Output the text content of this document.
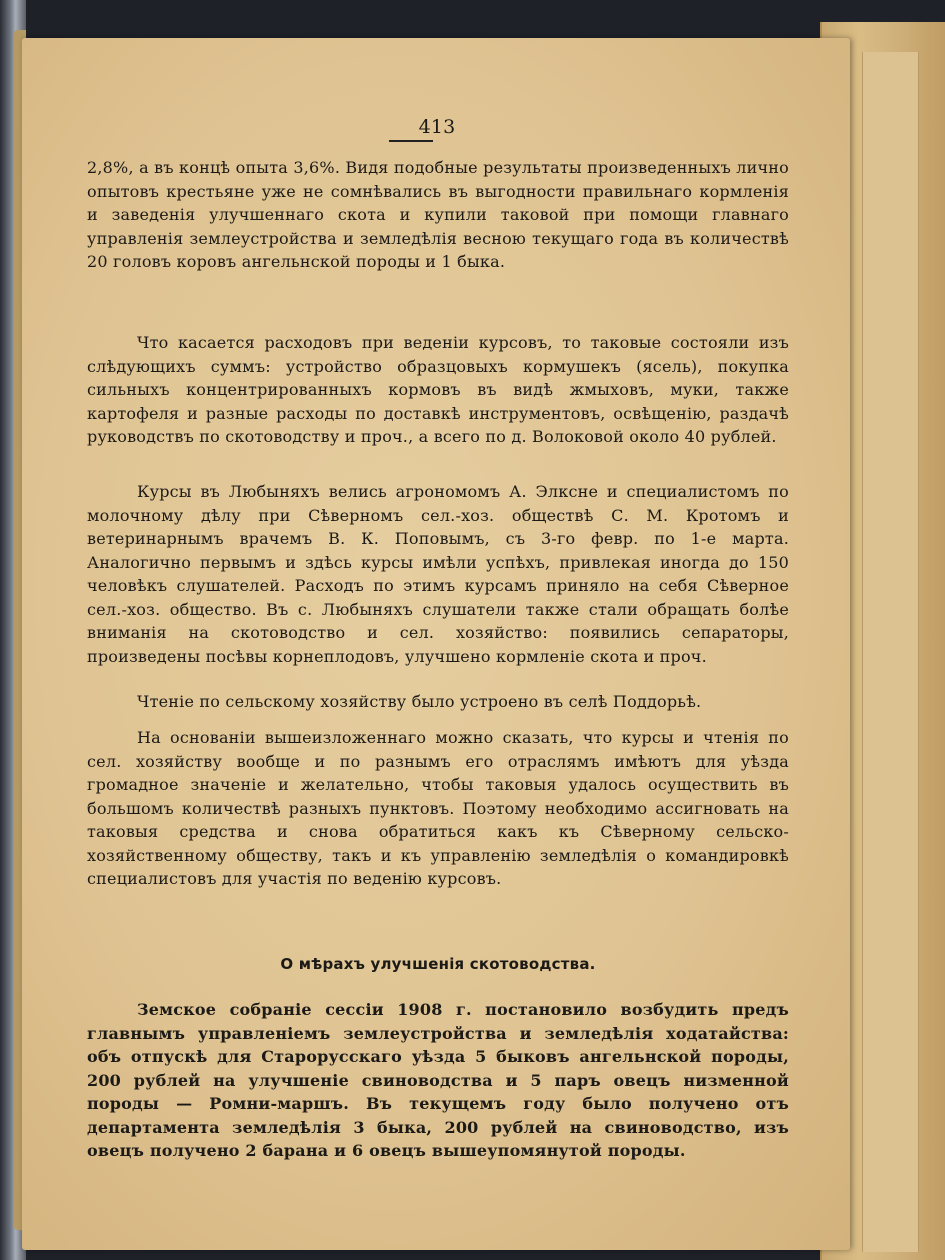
413

2,8%, а въ концѣ опыта 3,6%. Видя подобные результаты произведенныхъ лично опытовъ крестьяне уже не сомнѣвались въ выгодности правильнаго кормленія и заведенія улучшеннаго скота и купили таковой при помощи главнаго управленія землеустройства и земледѣлія весною текущаго года въ количествѣ 20 головъ коровъ ангельнской породы и 1 быка.

Что касается расходовъ при веденіи курсовъ, то таковые состояли изъ слѣдующихъ суммъ: устройство образцовыхъ кормушекъ (ясель), покупка сильныхъ концентрированныхъ кормовъ въ видѣ жмыховъ, муки, также картофеля и разные расходы по доставкѣ инструментовъ, освѣщенію, раздачѣ руководствъ по скотоводству и проч., а всего по д. Волоковой около 40 рублей.

Курсы въ Любыняхъ велись агрономомъ А. Элксне и специалистомъ по молочному дѣлу при Сѣверномъ сел.-хоз. обществѣ С. М. Кротомъ и ветеринарнымъ врачемъ В. К. Поповымъ, съ 3-го февр. по 1-е марта. Аналогично первымъ и здѣсь курсы имѣли успѣхъ, привлекая иногда до 150 человѣкъ слушателей. Расходъ по этимъ курсамъ приняло на себя Сѣверное сел.-хоз. общество. Въ с. Любыняхъ слушатели также стали обращать болѣе вниманія на скотоводство и сел. хозяйство: появились сепараторы, произведены посѣвы корнеплодовъ, улучшено кормленіе скота и проч.

Чтеніе по сельскому хозяйству было устроено въ селѣ Поддорьѣ.

На основаніи вышеизложеннаго можно сказать, что курсы и чтенія по сел. хозяйству вообще и по разнымъ его отраслямъ имѣютъ для уѣзда громадное значеніе и желательно, чтобы таковыя удалось осуществить въ большомъ количествѣ разныхъ пунктовъ. Поэтому необходимо ассигновать на таковыя средства и снова обратиться какъ къ Сѣверному сельско-хозяйственному обществу, такъ и къ управленію земледѣлія о командировкѣ специалистовъ для участія по веденію курсовъ.

О мѣрахъ улучшенія скотоводства.

Земское собраніе сессіи 1908 г. постановило возбудить предъ главнымъ управленіемъ землеустройства и земледѣлія ходатайства: объ отпускѣ для Старорусскаго уѣзда 5 быковъ ангельнской породы, 200 рублей на улучшеніе свиноводства и 5 паръ овецъ низменной породы — Ромни-маршъ. Въ текущемъ году было получено отъ департамента земледѣлія 3 быка, 200 рублей на свиноводство, изъ овецъ получено 2 барана и 6 овецъ вышеупомянутой породы.
